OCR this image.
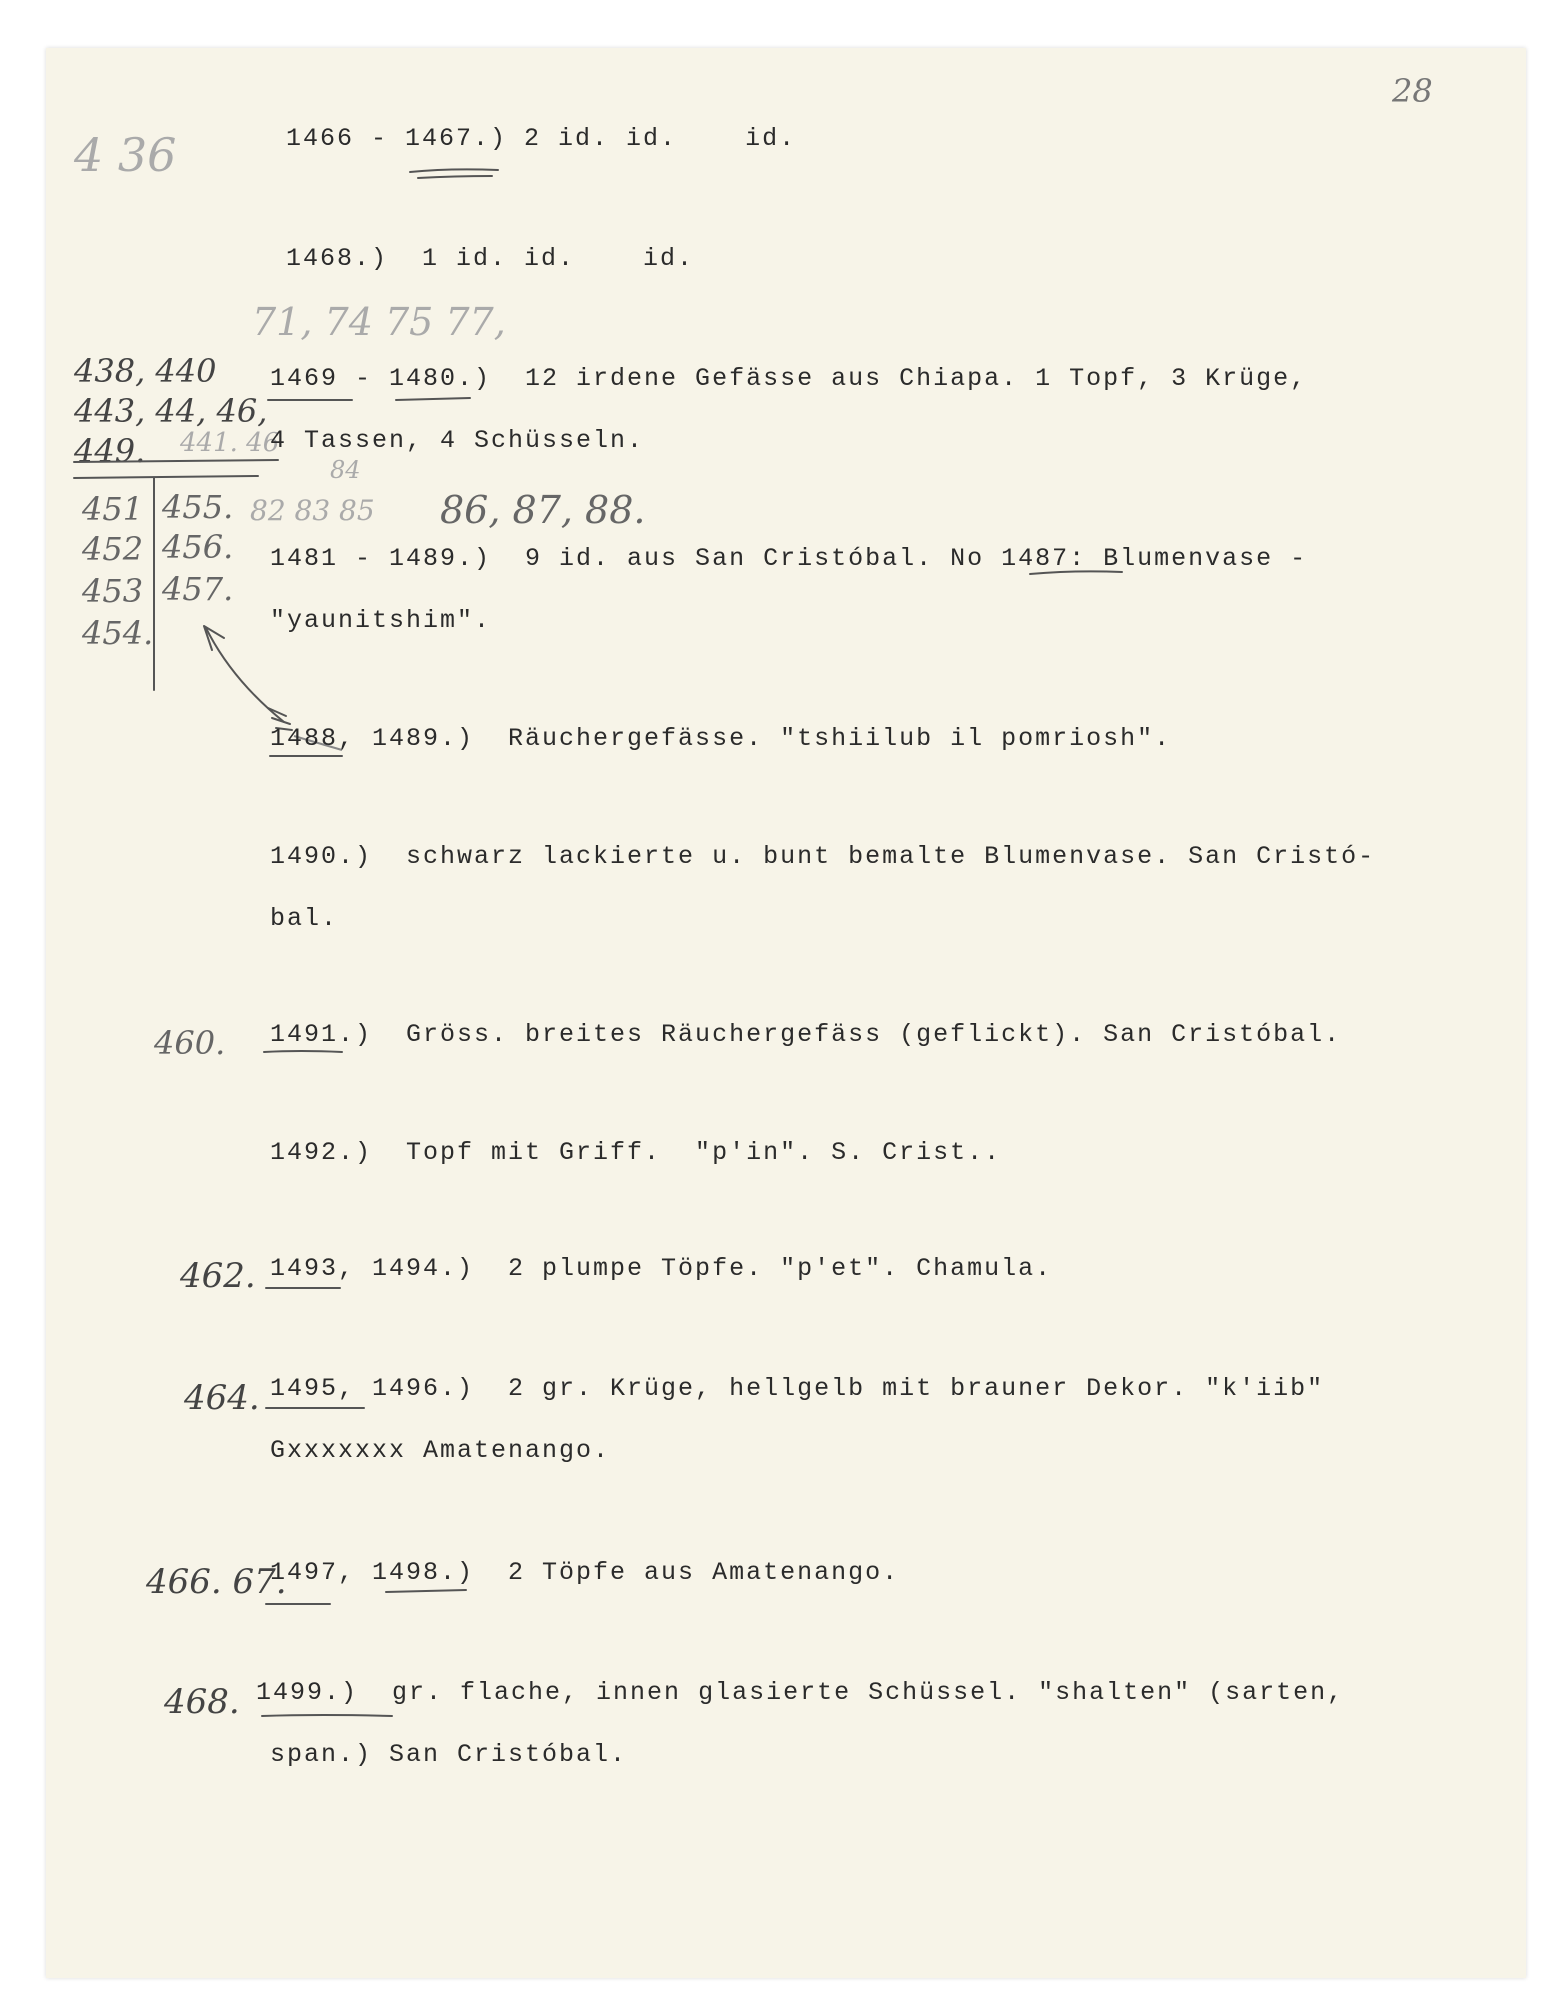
28
4 36
71, 74 75 77,
438, 440
443, 44, 46,
449. 441. 46
451
452
453
454.
455.
456.
457.
82 83 85
84
86, 87, 88.
460.
462.
464.
466. 67.
468.
1466 - 1467.) 2 id. id.    id.
1468.)  1 id. id.    id.
1469 - 1480.)  12 irdene Gefässe aus Chiapa. 1 Topf, 3 Krüge,
4 Tassen, 4 Schüsseln.
1481 - 1489.)  9 id. aus San Cristóbal. No 1487: Blumenvase -
"yaunitshim".
1488, 1489.)  Räuchergefässe. "tshiilub il pomriosh".
1490.)  schwarz lackierte u. bunt bemalte Blumenvase. San Cristó-
bal.
1491.)  Gröss. breites Räuchergefäss (geflickt). San Cristóbal.
1492.)  Topf mit Griff.  "p'in". S. Crist..
1493, 1494.)  2 plumpe Töpfe. "p'et". Chamula.
1495, 1496.)  2 gr. Krüge, hellgelb mit brauner Dekor. "k'iib"
Gxxxxxxx Amatenango.
1497, 1498.)  2 Töpfe aus Amatenango.
1499.)  gr. flache, innen glasierte Schüssel. "shalten" (sarten,
span.) San Cristóbal.
